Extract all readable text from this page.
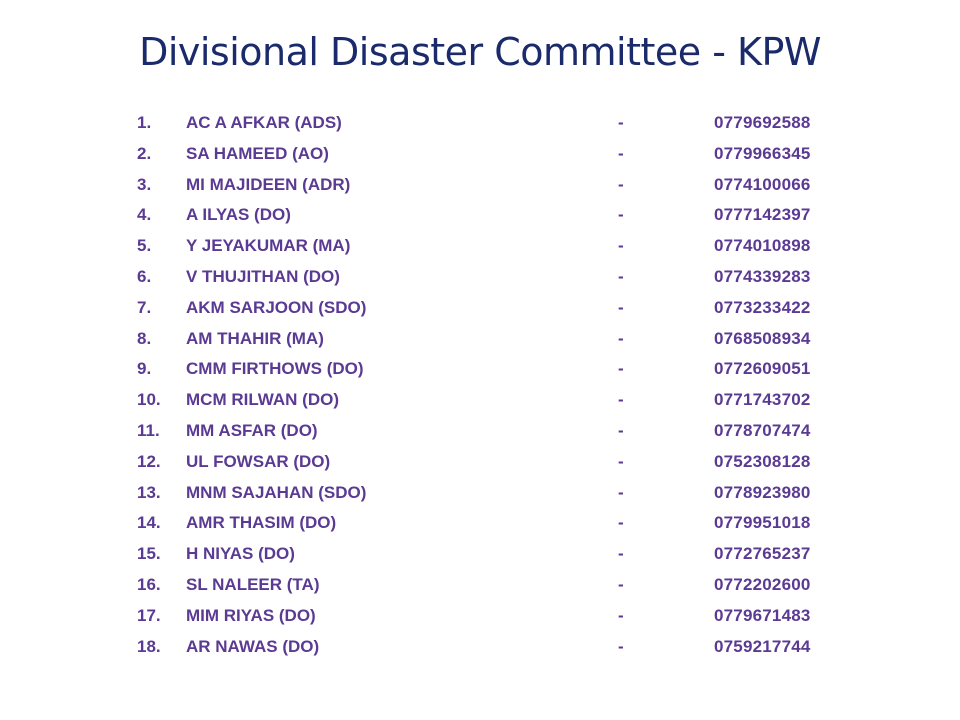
Divisional Disaster Committee - KPW
1. AC A AFKAR (ADS)	-	0779692588
2. SA HAMEED (AO)	-	0779966345
3. MI MAJIDEEN (ADR)	-	0774100066
4. A ILYAS (DO)	-	0777142397
5. Y JEYAKUMAR (MA)	-	0774010898
6. V THUJITHAN (DO)	-	0774339283
7. AKM SARJOON (SDO)	-	0773233422
8. AM THAHIR (MA)	-	0768508934
9. CMM FIRTHOWS (DO)	-	0772609051
10. MCM RILWAN (DO)	-	0771743702
11. MM ASFAR (DO)	-	0778707474
12. UL FOWSAR (DO)	-	0752308128
13. MNM SAJAHAN (SDO)	-	0778923980
14. AMR THASIM (DO)	-	0779951018
15. H NIYAS (DO)	-	0772765237
16. SL NALEER (TA)	-	0772202600
17. MIM RIYAS (DO)	-	0779671483
18. AR NAWAS (DO)	-	0759217744
